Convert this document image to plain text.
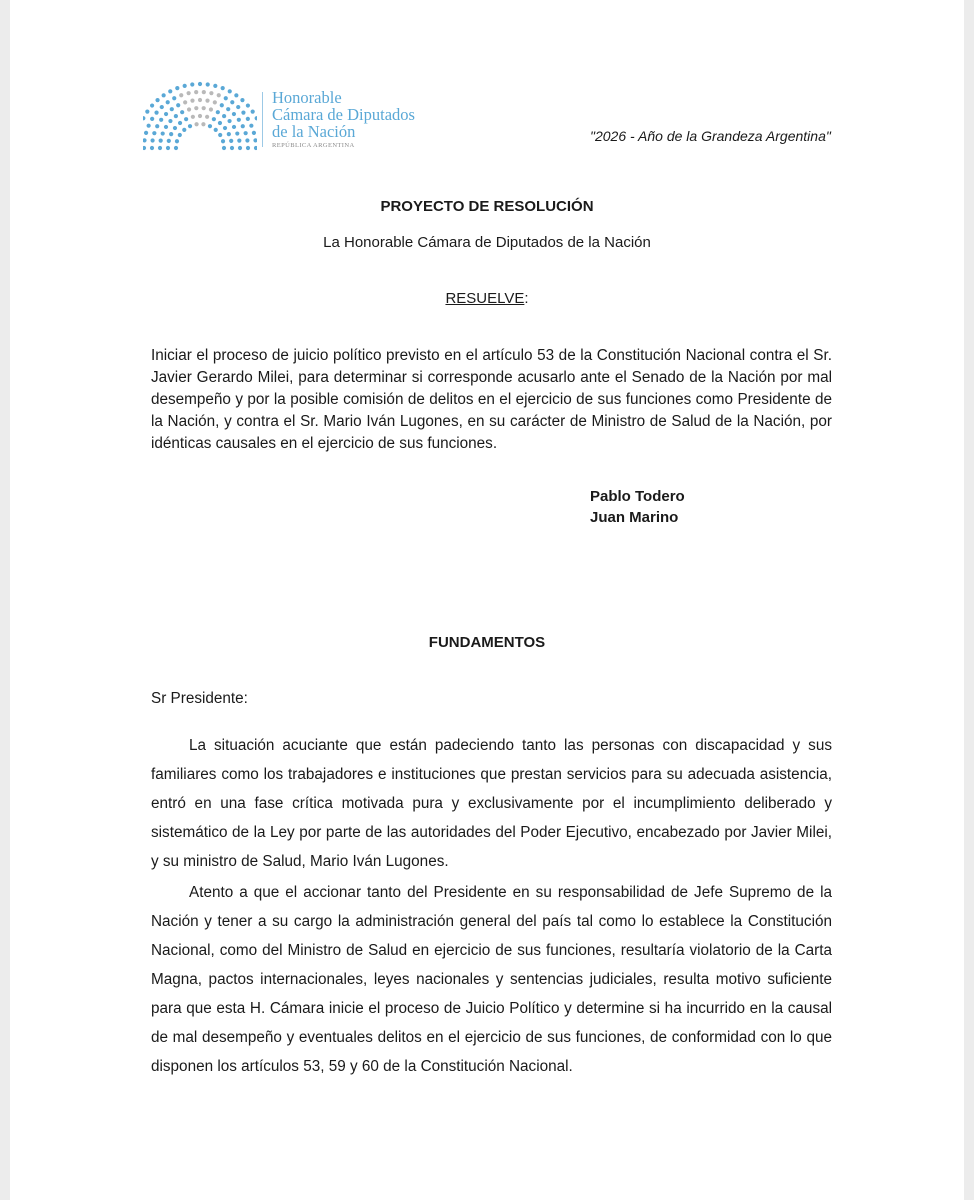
Honorable
Cámara de Diputados
de la Nación
REPÚBLICA ARGENTINA
"2026 - Año de la Grandeza Argentina"
PROYECTO DE RESOLUCIÓN
La Honorable Cámara de Diputados de la Nación
RESUELVE:
Iniciar el proceso de juicio político previsto en el artículo 53 de la Constitución Nacional contra el Sr. Javier Gerardo Milei, para determinar si corresponde acusarlo ante el Senado de la Nación por mal desempeño y por la posible comisión de delitos en el ejercicio de sus funciones como Presidente de la Nación, y contra el Sr. Mario Iván Lugones, en su carácter de Ministro de Salud de la Nación, por idénticas causales en el ejercicio de sus funciones.
Pablo Todero
Juan Marino
FUNDAMENTOS
Sr Presidente:
La situación acuciante que están padeciendo tanto las personas con discapacidad y sus familiares como los trabajadores e instituciones que prestan servicios para su adecuada asistencia, entró en una fase crítica motivada pura y exclusivamente por el incumplimiento deliberado y sistemático de la Ley por parte de las autoridades del Poder Ejecutivo, encabezado por Javier Milei, y su ministro de Salud, Mario Iván Lugones.
Atento a que el accionar tanto del Presidente en su responsabilidad de Jefe Supremo de la Nación y tener a su cargo la administración general del país tal como lo establece la Constitución Nacional, como del Ministro de Salud en ejercicio de sus funciones, resultaría violatorio de la Carta Magna, pactos internacionales, leyes nacionales y sentencias judiciales, resulta motivo suficiente para que esta H. Cámara inicie el proceso de Juicio Político y determine si ha incurrido en la causal de mal desempeño y eventuales delitos en el ejercicio de sus funciones, de conformidad con lo que disponen los artículos 53, 59 y 60 de la Constitución Nacional.
